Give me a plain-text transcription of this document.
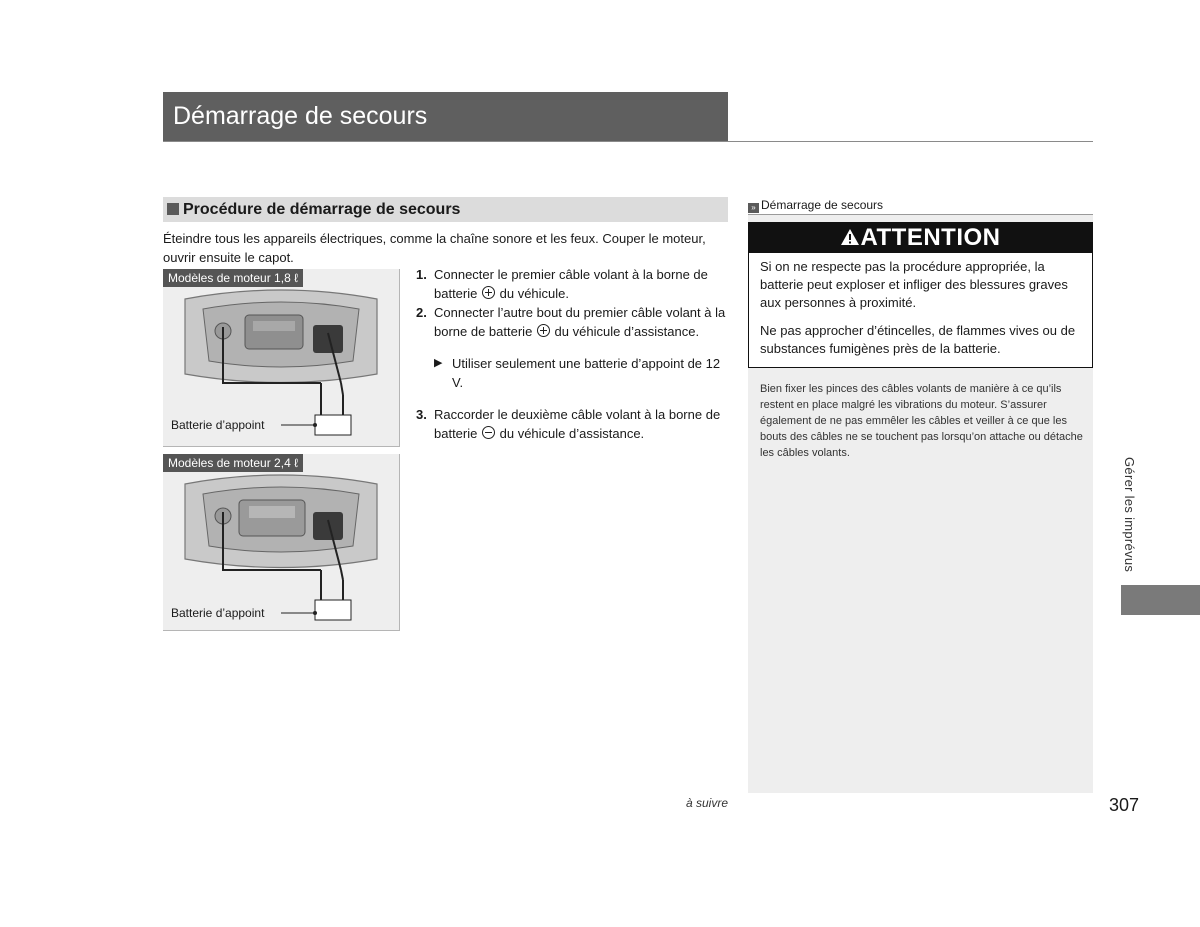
Démarrage de secours
Procédure de démarrage de secours
Éteindre tous les appareils électriques, comme la chaîne sonore et les feux. Couper le moteur, ouvrir ensuite le capot.
Modèles de moteur 1,8 ℓ
Batterie d’appoint
Modèles de moteur 2,4 ℓ
Batterie d’appoint

1. Connecter le premier câble volant à la borne de batterie du véhicule.

2. Connecter l’autre bout du premier câble volant à la borne de batterie du véhicule d’assistance.

▶ Utiliser seulement une batterie d’appoint de 12 V.

3. Raccorder le deuxième câble volant à la borne de batterie du véhicule d’assistance.

» Démarrage de secours
ATTENTION

Si on ne respecte pas la procédure appropriée, la batterie peut exploser et infliger des blessures graves aux personnes à proximité.

Ne pas approcher d’étincelles, de flammes vives ou de substances fumigènes près de la batterie.

Bien fixer les pinces des câbles volants de manière à ce qu’ils restent en place malgré les vibrations du moteur. S’assurer également de ne pas emmêler les câbles et veiller à ce que les bouts des câbles ne se touchent pas lorsqu’on attache ou détache les câbles volants.
Gérer les imprévus
à suivre	307
